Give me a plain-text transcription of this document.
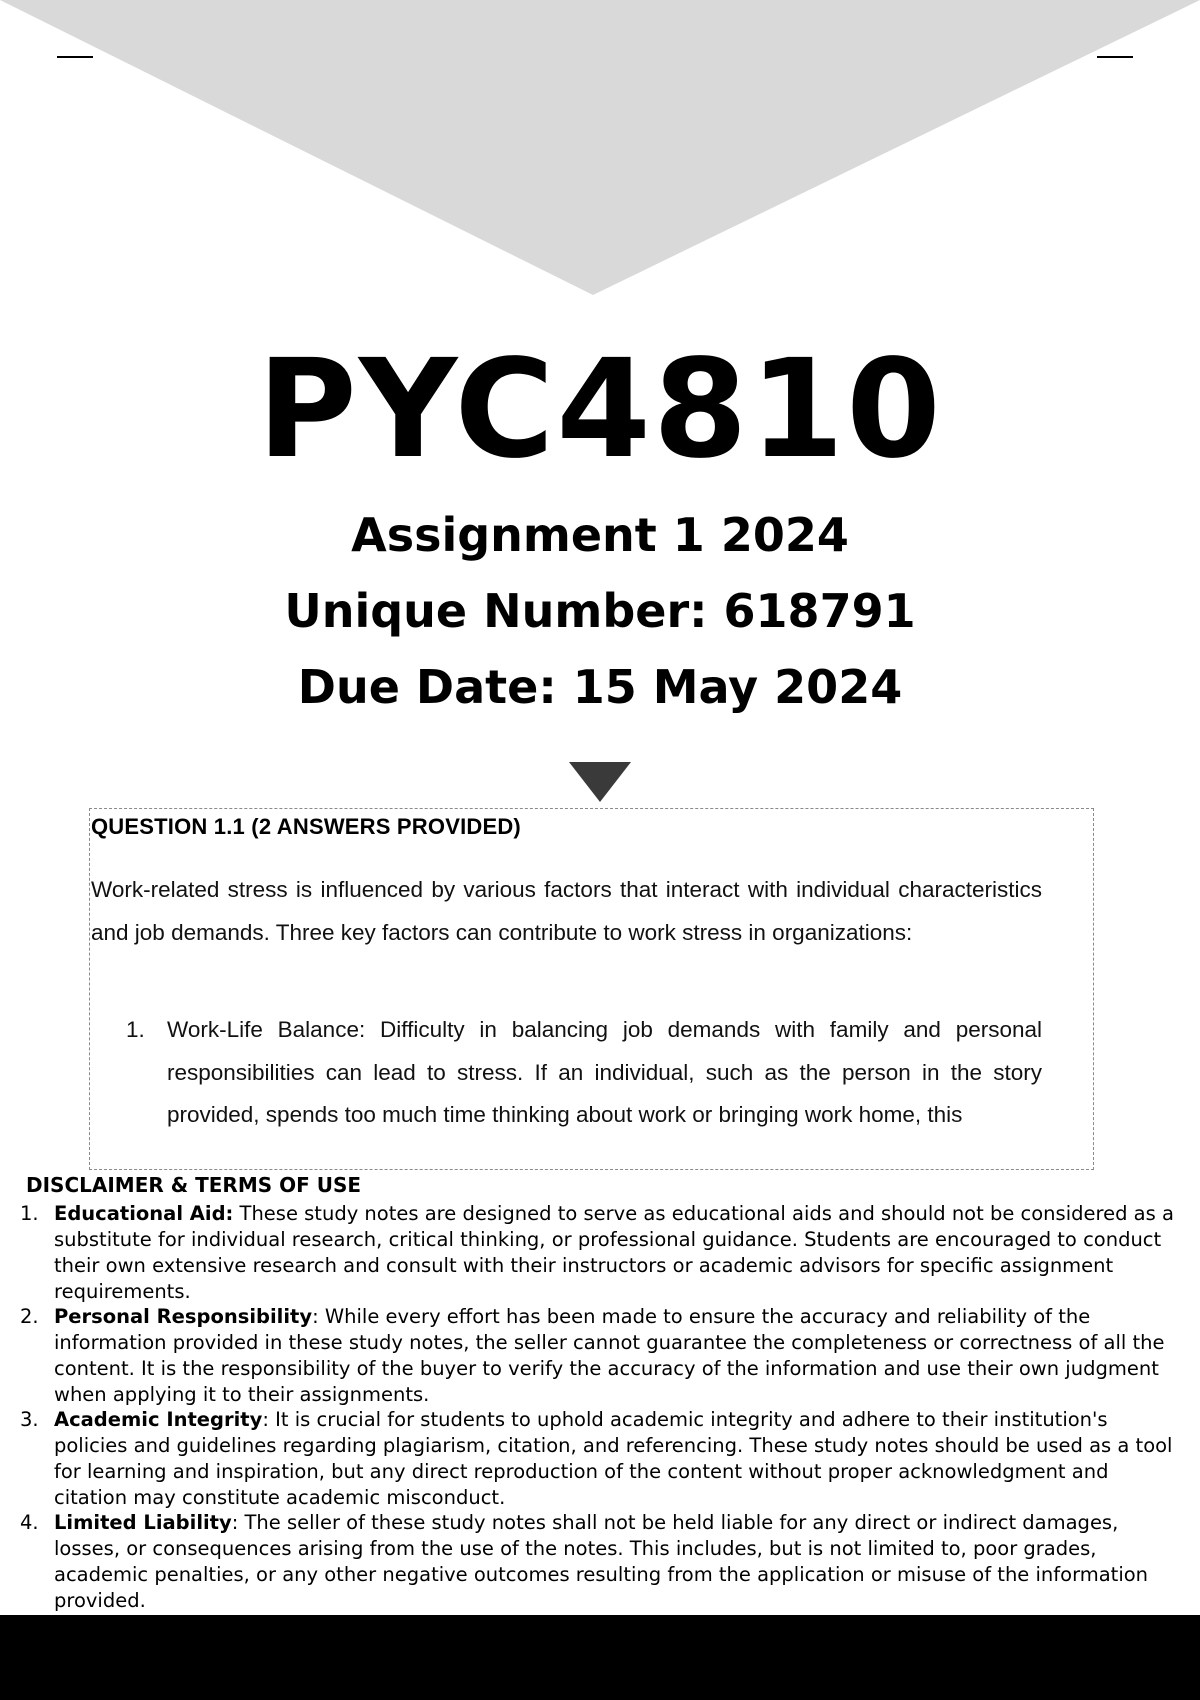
PYC4810
Assignment 1 2024
Unique Number: 618791
Due Date: 15 May 2024
QUESTION 1.1 (2 ANSWERS PROVIDED)

Work-related stress is influenced by various factors that interact with individual characteristics and job demands. Three key factors can contribute to work stress in organizations:

1. Work-Life Balance: Difficulty in balancing job demands with family and personal responsibilities can lead to stress. If an individual, such as the person in the story provided, spends too much time thinking about work or bringing work home, this

DISCLAIMER & TERMS OF USE
1. Educational Aid: These study notes are designed to serve as educational aids and should not be considered as a substitute for individual research, critical thinking, or professional guidance. Students are encouraged to conduct their own extensive research and consult with their instructors or academic advisors for specific assignment requirements.

2. Personal Responsibility: While every effort has been made to ensure the accuracy and reliability of the information provided in these study notes, the seller cannot guarantee the completeness or correctness of all the content. It is the responsibility of the buyer to verify the accuracy of the information and use their own judgment when applying it to their assignments.

3. Academic Integrity: It is crucial for students to uphold academic integrity and adhere to their institution's policies and guidelines regarding plagiarism, citation, and referencing. These study notes should be used as a tool for learning and inspiration, but any direct reproduction of the content without proper acknowledgment and citation may constitute academic misconduct.

4. Limited Liability: The seller of these study notes shall not be held liable for any direct or indirect damages, losses, or consequences arising from the use of the notes. This includes, but is not limited to, poor grades, academic penalties, or any other negative outcomes resulting from the application or misuse of the information provided.
